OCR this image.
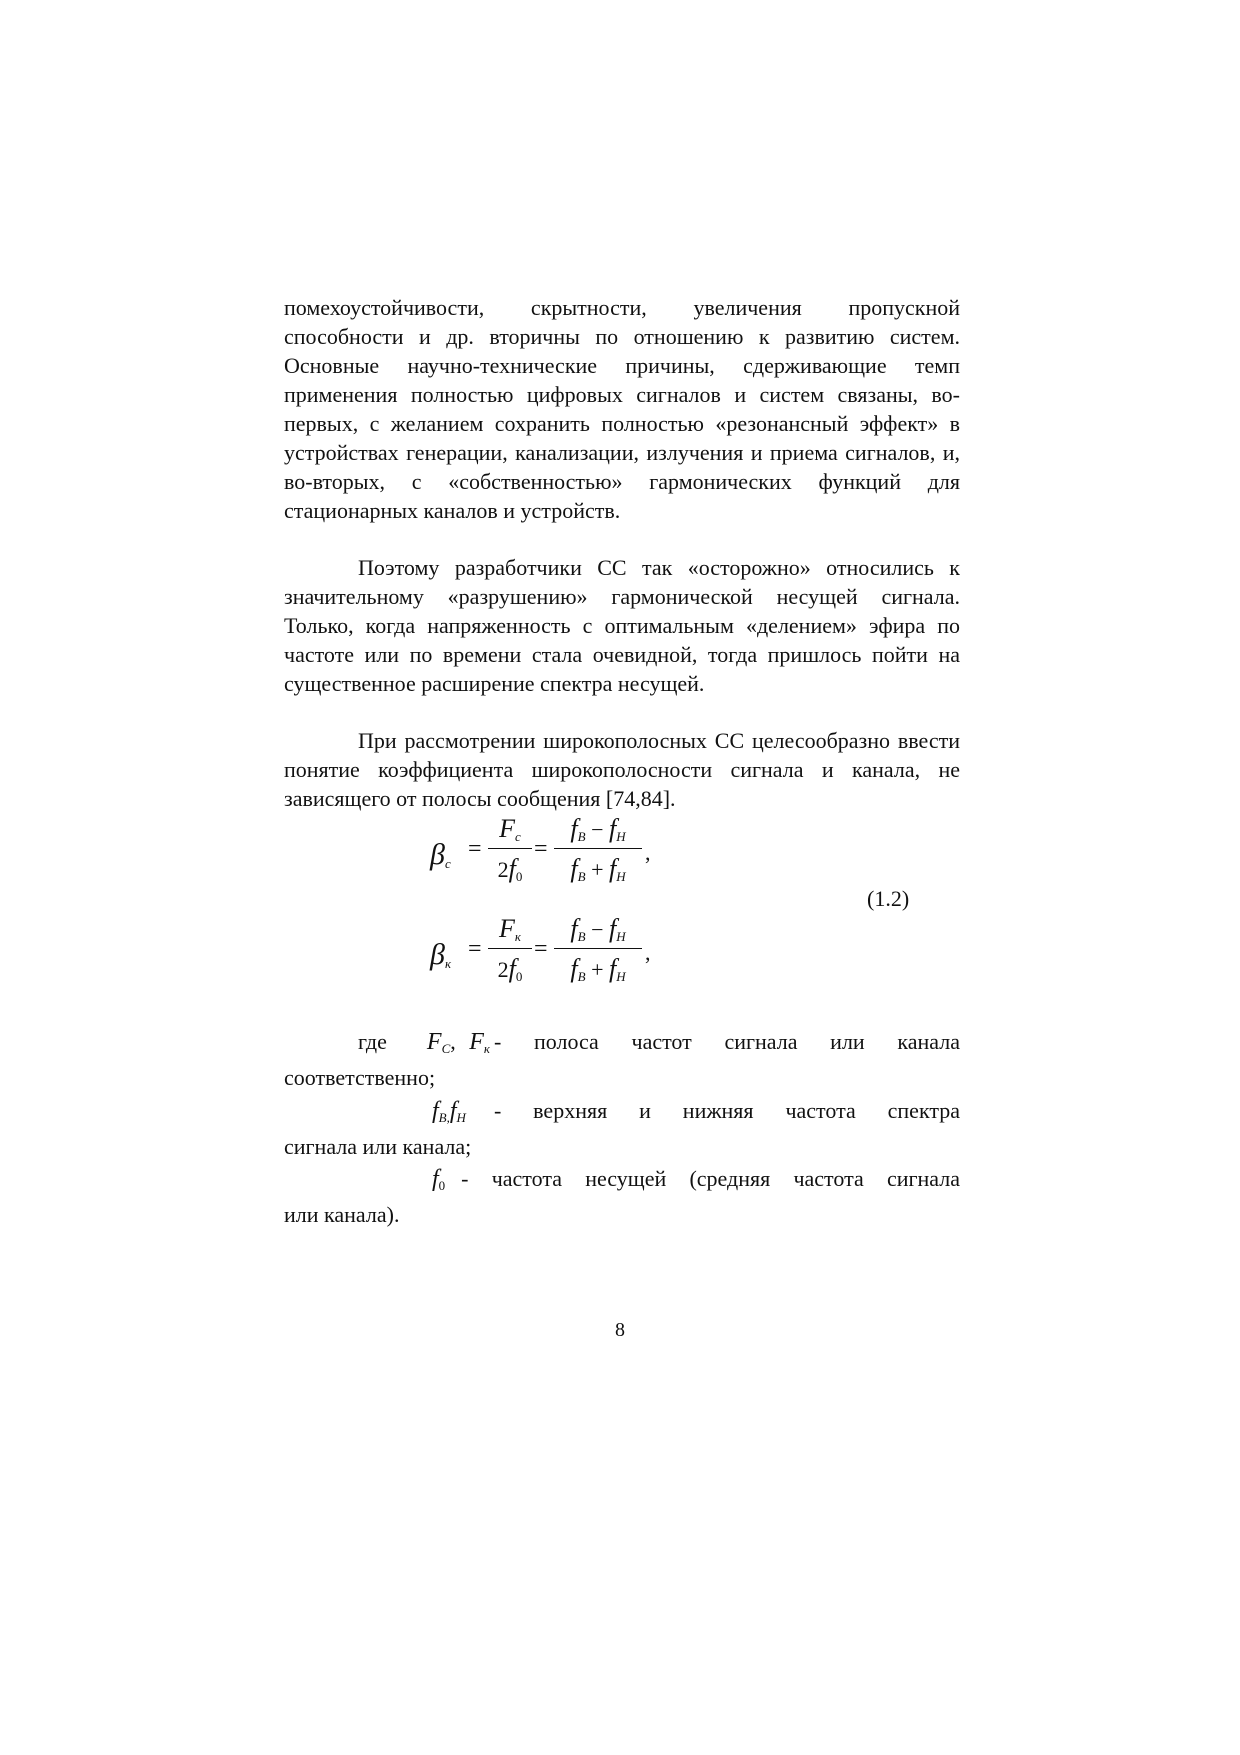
помехоустойчивости, скрытности, увеличения пропускной способности и др. вторичны по отношению к развитию систем. Основные научно-технические причины, сдерживающие темп применения полностью цифровых сигналов и систем связаны, во-первых, с желанием сохранить полностью «резонансный эффект» в устройствах генерации, канализации, излучения и приема сигналов, и, во-вторых, с «собственностью» гармонических функций для стационарных каналов и устройств.
Поэтому разработчики СС так «осторожно» относились к значительному «разрушению» гармонической несущей сигнала. Только, когда напряженность с оптимальным «делением» эфира по частоте или по времени стала очевидной, тогда пришлось пойти на существенное расширение спектра несущей.
При рассмотрении широкополосных СС целесообразно ввести понятие коэффициента широкополосности сигнала и канала, не зависящего от полосы сообщения [74,84].
$\beta_c$
=
$F_c$
$2f_0$
=
$f_B - f_H$
$f_B + f_H$
,
$\beta_к$
=
$F_к$
$2f_0$
=
$f_B - f_H$
$f_B + f_H$
,
(1.2)
где $F_C$, $F_к$ - полоса частот сигнала или канала
соответственно;
$f_{B,}f_H$ - верхняя и нижняя частота спектра
сигнала или канала;
$f_0$ - частота несущей (средняя частота сигнала
или канала).
8
